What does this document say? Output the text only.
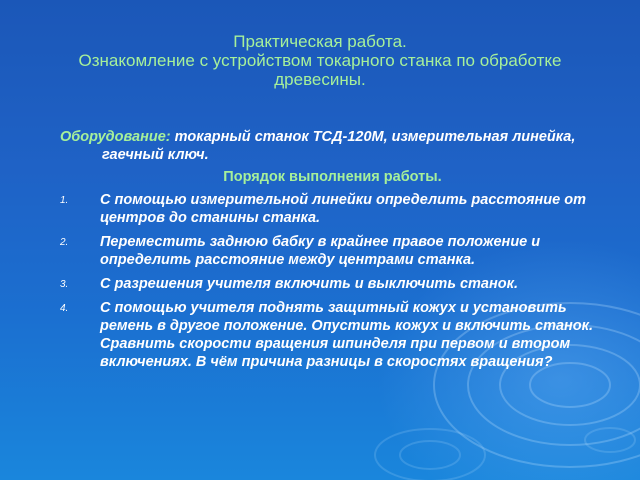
Практическая работа.
Ознакомление с устройством токарного станка по обработке
древесины.
Оборудование: токарный станок ТСД-120М, измерительная линейка, гаечный ключ.
Порядок выполнения работы.
1. С помощью измерительной линейки определить расстояние от центров до станины станка.
2. Переместить заднюю бабку в крайнее правое положение и определить расстояние между центрами станка.
3. С разрешения учителя включить и выключить станок.
4. С помощью учителя поднять защитный кожух и установить ремень в другое положение. Опустить кожух и включить станок. Сравнить скорости вращения шпинделя при первом и втором включениях. В чём причина разницы в скоростях вращения?
